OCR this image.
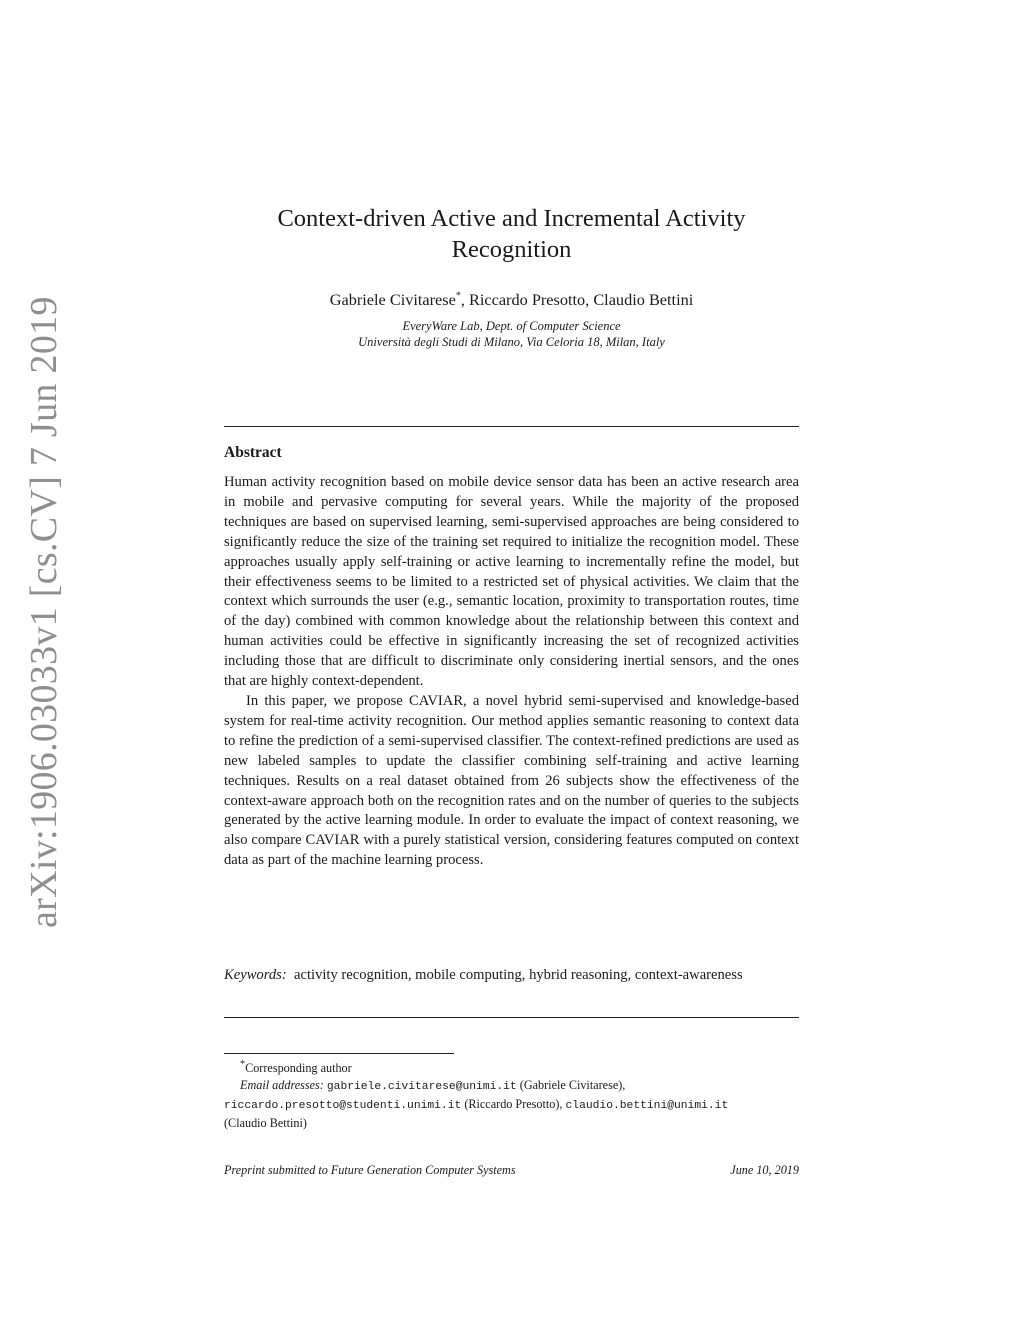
arXiv:1906.03033v1 [cs.CV] 7 Jun 2019
Context-driven Active and Incremental Activity Recognition
Gabriele Civitarese*, Riccardo Presotto, Claudio Bettini
EveryWare Lab, Dept. of Computer Science
Università degli Studi di Milano, Via Celoria 18, Milan, Italy
Abstract

Human activity recognition based on mobile device sensor data has been an active research area in mobile and pervasive computing for several years. While the majority of the proposed techniques are based on supervised learning, semi-supervised approaches are being considered to significantly reduce the size of the training set required to initialize the recognition model. These approaches usually apply self-training or active learning to incrementally refine the model, but their effectiveness seems to be limited to a restricted set of physical activities. We claim that the context which surrounds the user (e.g., semantic location, proximity to transportation routes, time of the day) combined with common knowledge about the relationship between this context and human activities could be effective in significantly increasing the set of recognized activities including those that are difficult to discriminate only considering inertial sensors, and the ones that are highly context-dependent.

In this paper, we propose CAVIAR, a novel hybrid semi-supervised and knowledge-based system for real-time activity recognition. Our method applies semantic reasoning to context data to refine the prediction of a semi-supervised classifier. The context-refined predictions are used as new labeled samples to update the classifier combining self-training and active learning techniques. Results on a real dataset obtained from 26 subjects show the effectiveness of the context-aware approach both on the recognition rates and on the number of queries to the subjects generated by the active learning module. In order to evaluate the impact of context reasoning, we also compare CAVIAR with a purely statistical version, considering features computed on context data as part of the machine learning process.

Keywords: activity recognition, mobile computing, hybrid reasoning, context-awareness
*Corresponding author
Email addresses: gabriele.civitarese@unimi.it (Gabriele Civitarese),
riccardo.presotto@studenti.unimi.it (Riccardo Presotto), claudio.bettini@unimi.it
(Claudio Bettini)
Preprint submitted to Future Generation Computer Systems	June 10, 2019
